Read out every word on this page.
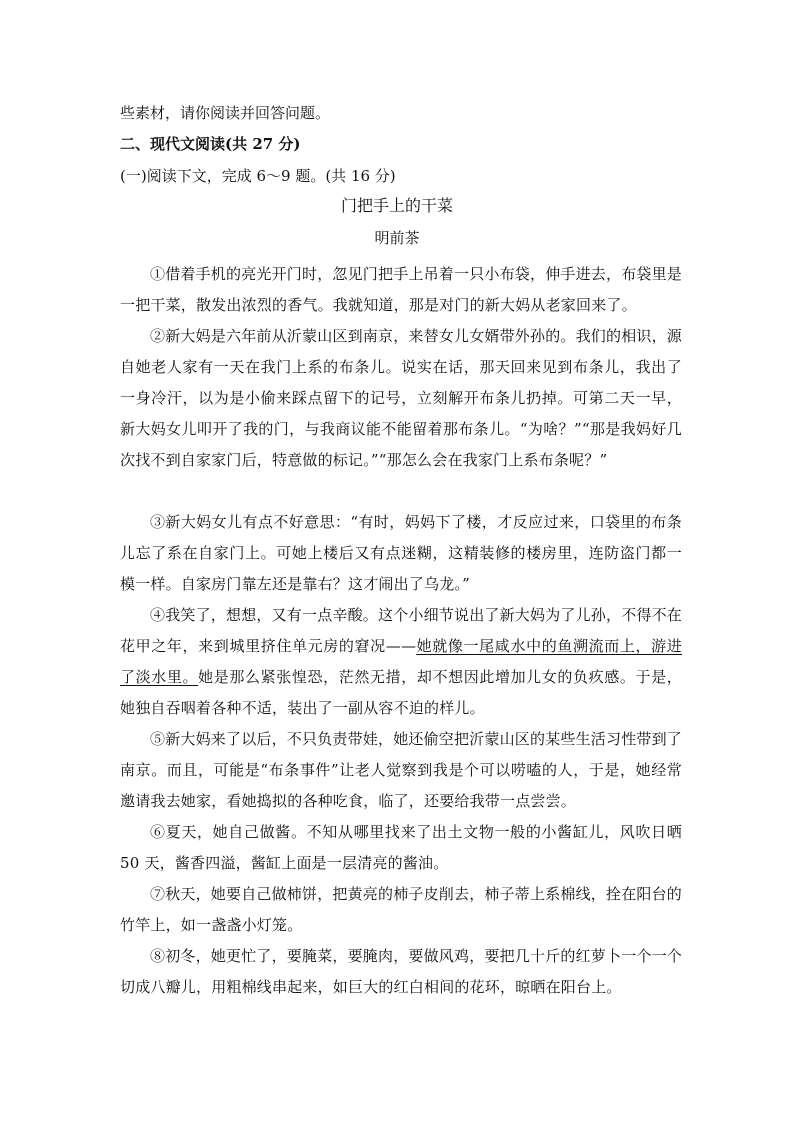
些素材，请你阅读并回答问题。
二、现代文阅读(共 27 分)
(一)阅读下文，完成 6～9 题。(共 16 分)
门把手上的干菜
明前茶
①借着手机的亮光开门时，忽见门把手上吊着一只小布袋，伸手进去，布袋里是一把干菜，散发出浓烈的香气。我就知道，那是对门的新大妈从老家回来了。
②新大妈是六年前从沂蒙山区到南京，来替女儿女婿带外孙的。我们的相识，源自她老人家有一天在我门上系的布条儿。说实在话，那天回来见到布条儿，我出了一身冷汗，以为是小偷来踩点留下的记号，立刻解开布条儿扔掉。可第二天一早，新大妈女儿叩开了我的门，与我商议能不能留着那布条儿。“为啥？”“那是我妈好几次找不到自家家门后，特意做的标记。”“那怎么会在我家门上系布条呢？”
③新大妈女儿有点不好意思：“有时，妈妈下了楼，才反应过来，口袋里的布条儿忘了系在自家门上。可她上楼后又有点迷糊，这精装修的楼房里，连防盗门都一模一样。自家房门靠左还是靠右？这才闹出了乌龙。”
④我笑了，想想，又有一点辛酸。这个小细节说出了新大妈为了儿孙，不得不在花甲之年，来到城里挤住单元房的窘况——她就像一尾咸水中的鱼溯流而上，游进了淡水里。她是那么紧张惶恐，茫然无措，却不想因此增加儿女的负疚感。于是，她独自吞咽着各种不适，装出了一副从容不迫的样儿。
⑤新大妈来了以后，不只负责带娃，她还偷空把沂蒙山区的某些生活习性带到了南京。而且，可能是“布条事件”让老人觉察到我是个可以唠嗑的人，于是，她经常邀请我去她家，看她捣拟的各种吃食，临了，还要给我带一点尝尝。
⑥夏天，她自己做酱。不知从哪里找来了出土文物一般的小酱缸儿，风吹日晒 50 天，酱香四溢，酱缸上面是一层清亮的酱油。
⑦秋天，她要自己做柿饼，把黄亮的柿子皮削去，柿子蒂上系棉线，拴在阳台的竹竿上，如一盏盏小灯笼。
⑧初冬，她更忙了，要腌菜，要腌肉，要做风鸡，要把几十斤的红萝卜一个一个切成八瓣儿，用粗棉线串起来，如巨大的红白相间的花环，晾晒在阳台上。
